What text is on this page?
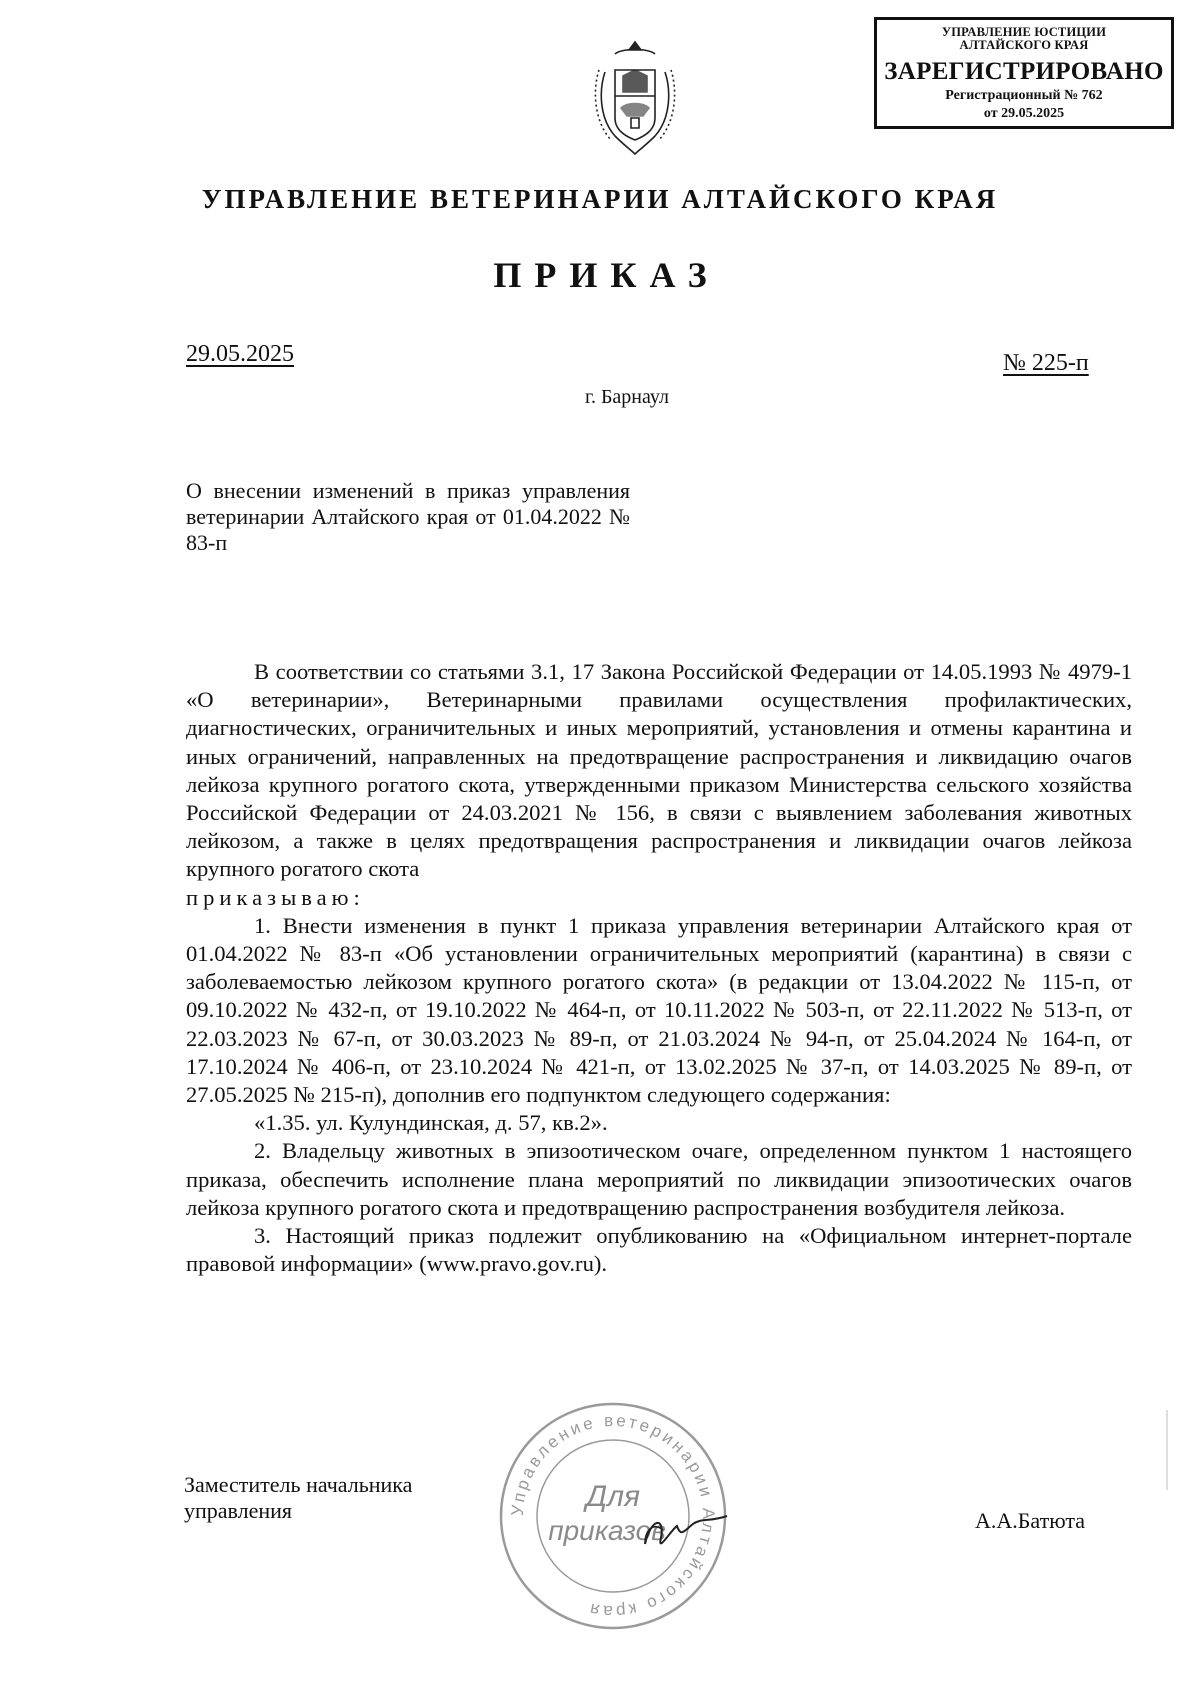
УПРАВЛЕНИЕ ЮСТИЦИИ
АЛТАЙСКОГО КРАЯ
ЗАРЕГИСТРИРОВАНО
Регистрационный № 762
от 29.05.2025
УПРАВЛЕНИЕ ВЕТЕРИНАРИИ АЛТАЙСКОГО КРАЯ
ПРИКАЗ
29.05.2025	№ 225-п
г. Барнаул
О внесении изменений в приказ управления ветеринарии Алтайского края от 01.04.2022 № 83-п

В соответствии со статьями 3.1, 17 Закона Российской Федерации от 14.05.1993 № 4979-1 «О ветеринарии», Ветеринарными правилами осуществления профилактических, диагностических, ограничительных и иных мероприятий, установления и отмены карантина и иных ограничений, направленных на предотвращение распространения и ликвидацию очагов лейкоза крупного рогатого скота, утвержденными приказом Министерства сельского хозяйства Российской Федерации от 24.03.2021 № 156, в связи с выявлением заболевания животных лейкозом, а также в целях предотвращения распространения и ликвидации очагов лейкоза крупного рогатого скота

приказываю:

1. Внести изменения в пункт 1 приказа управления ветеринарии Алтайского края от 01.04.2022 № 83-п «Об установлении ограничительных мероприятий (карантина) в связи с заболеваемостью лейкозом крупного рогатого скота» (в редакции от 13.04.2022 № 115-п, от 09.10.2022 № 432-п, от 19.10.2022 № 464-п, от 10.11.2022 № 503-п, от 22.11.2022 № 513-п, от 22.03.2023 № 67-п, от 30.03.2023 № 89-п, от 21.03.2024 № 94-п, от 25.04.2024 № 164-п, от 17.10.2024 № 406-п, от 23.10.2024 № 421-п, от 13.02.2025 № 37-п, от 14.03.2025 № 89-п, от 27.05.2025 № 215-п), дополнив его подпунктом следующего содержания:

«1.35. ул. Кулундинская, д. 57, кв.2».

2. Владельцу животных в эпизоотическом очаге, определенном пунктом 1 настоящего приказа, обеспечить исполнение плана мероприятий по ликвидации эпизоотических очагов лейкоза крупного рогатого скота и предотвращению распространения возбудителя лейкоза.

3. Настоящий приказ подлежит опубликованию на «Официальном интернет-портале правовой информации» (www.pravo.gov.ru).

Управление ветеринарии Алтайского края
Для
приказов
Заместитель начальника
управления	А.А.Батюта
